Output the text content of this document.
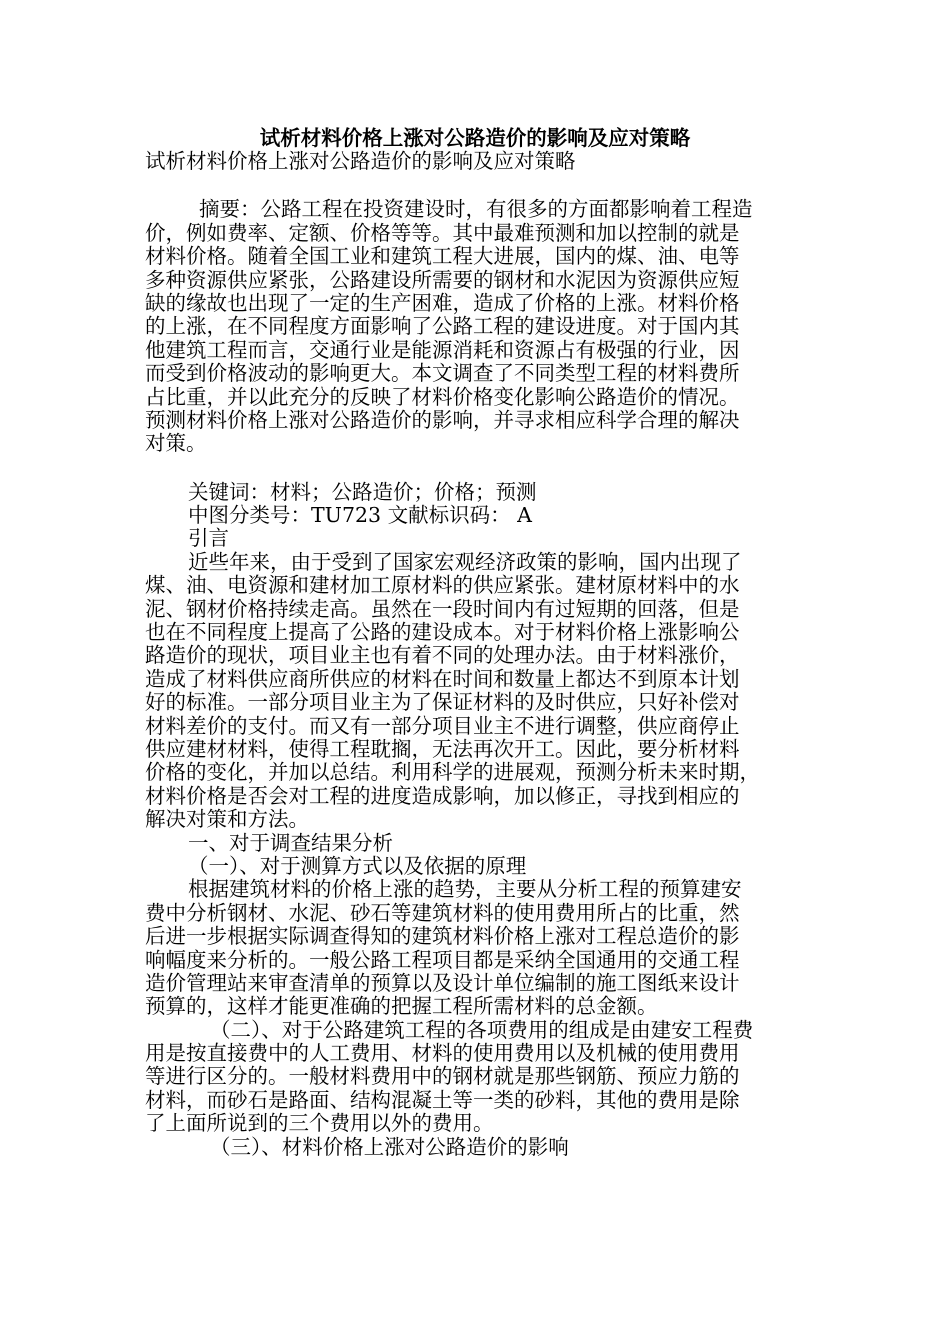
试析材料价格上涨对公路造价的影响及应对策略
试析材料价格上涨对公路造价的影响及应对策略
摘要：公路工程在投资建设时，有很多的方面都影响着工程造
价，例如费率、定额、价格等等。其中最难预测和加以控制的就是
材料价格。随着全国工业和建筑工程大进展，国内的煤、油、电等
多种资源供应紧张，公路建设所需要的钢材和水泥因为资源供应短
缺的缘故也出现了一定的生产困难，造成了价格的上涨。材料价格
的上涨，在不同程度方面影响了公路工程的建设进度。对于国内其
他建筑工程而言，交通行业是能源消耗和资源占有极强的行业，因
而受到价格波动的影响更大。本文调查了不同类型工程的材料费所
占比重，并以此充分的反映了材料价格变化影响公路造价的情况。
预测材料价格上涨对公路造价的影响，并寻求相应科学合理的解决
对策。
关键词：材料；公路造价；价格；预测
中图分类号：TU723 文献标识码： A
引言
近些年来，由于受到了国家宏观经济政策的影响，国内出现了
煤、油、电资源和建材加工原材料的供应紧张。建材原材料中的水
泥、钢材价格持续走高。虽然在一段时间内有过短期的回落，但是
也在不同程度上提高了公路的建设成本。对于材料价格上涨影响公
路造价的现状，项目业主也有着不同的处理办法。由于材料涨价，
造成了材料供应商所供应的材料在时间和数量上都达不到原本计划
好的标准。一部分项目业主为了保证材料的及时供应，只好补偿对
材料差价的支付。而又有一部分项目业主不进行调整，供应商停止
供应建材材料，使得工程耽搁，无法再次开工。因此，要分析材料
价格的变化，并加以总结。利用科学的进展观，预测分析未来时期，
材料价格是否会对工程的进度造成影响，加以修正，寻找到相应的
解决对策和方法。
一、对于调查结果分析
（一）、对于测算方式以及依据的原理
根据建筑材料的价格上涨的趋势，主要从分析工程的预算建安
费中分析钢材、水泥、砂石等建筑材料的使用费用所占的比重，然
后进一步根据实际调查得知的建筑材料价格上涨对工程总造价的影
响幅度来分析的。一般公路工程项目都是采纳全国通用的交通工程
造价管理站来审查清单的预算以及设计单位编制的施工图纸来设计
预算的，这样才能更准确的把握工程所需材料的总金额。
（二）、对于公路建筑工程的各项费用的组成是由建安工程费
用是按直接费中的人工费用、材料的使用费用以及机械的使用费用
等进行区分的。一般材料费用中的钢材就是那些钢筋、预应力筋的
材料，而砂石是路面、结构混凝土等一类的砂料，其他的费用是除
了上面所说到的三个费用以外的费用。
（三）、材料价格上涨对公路造价的影响
